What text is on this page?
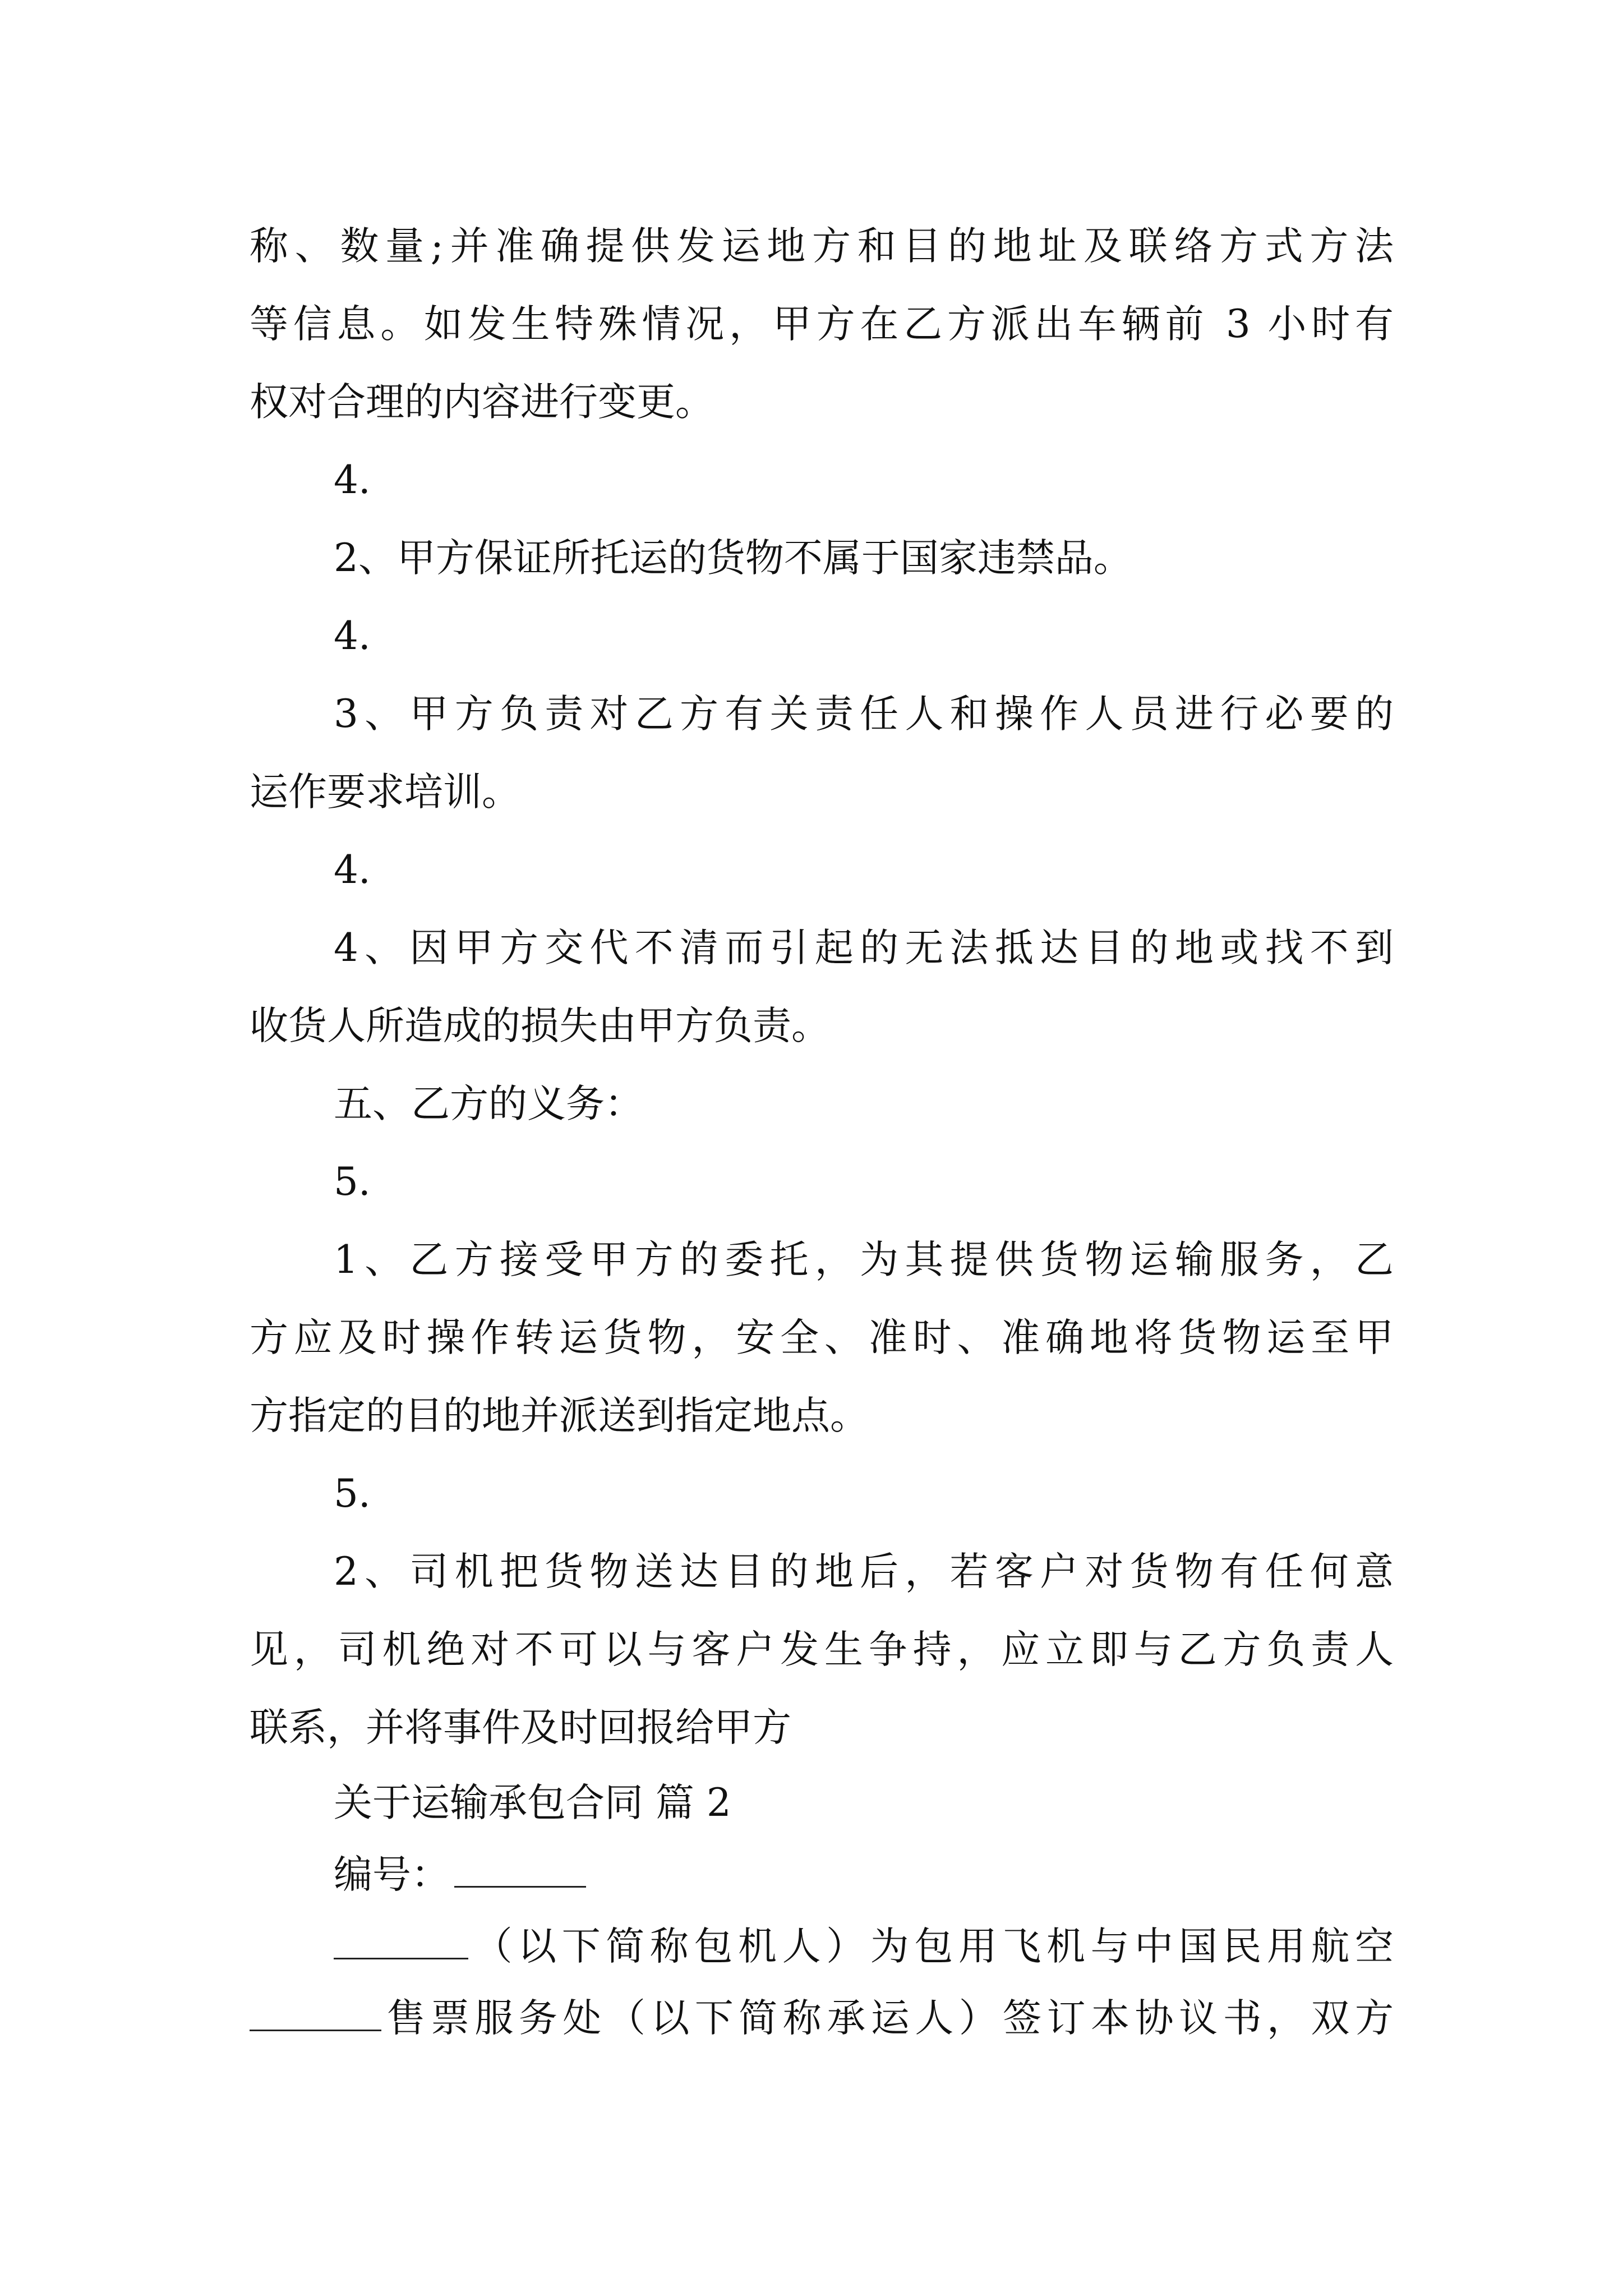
称、数量;并准确提供发运地方和目的地址及联络方式方法

等信息。如发生特殊情况，甲方在乙方派出车辆前 3 小时有

权对合理的内容进行变更。

4.

2、甲方保证所托运的货物不属于国家违禁品。

4.

3、甲方负责对乙方有关责任人和操作人员进行必要的

运作要求培训。

4.

4、因甲方交代不清而引起的无法抵达目的地或找不到

收货人所造成的损失由甲方负责。

五、乙方的义务：

5.

1、乙方接受甲方的委托，为其提供货物运输服务，乙

方应及时操作转运货物，安全、准时、准确地将货物运至甲

方指定的目的地并派送到指定地点。

5.

2、司机把货物送达目的地后，若客户对货物有任何意

见，司机绝对不可以与客户发生争持，应立即与乙方负责人

联系，并将事件及时回报给甲方

关于运输承包合同 篇 2

编号：

（以下简称包机人）为包用飞机与中国民用航空

售票服务处（以下简称承运人）签订本协议书，双方
